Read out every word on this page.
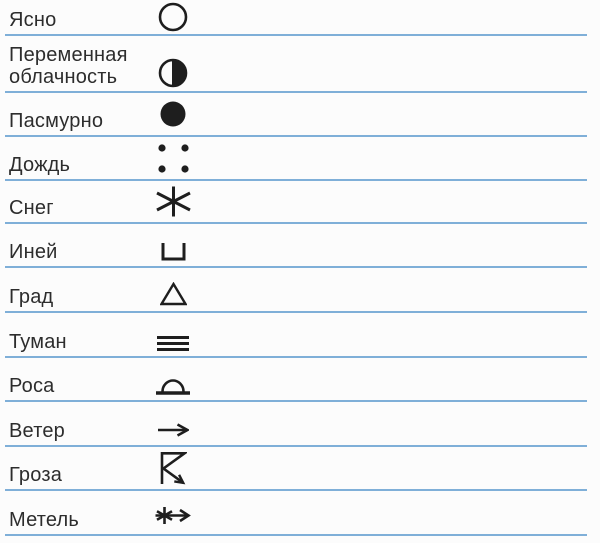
Ясно
Переменная облачность
Пасмурно
Дождь
Снег
Иней
Град
Туман
Роса
Ветер
Гроза
Метель
